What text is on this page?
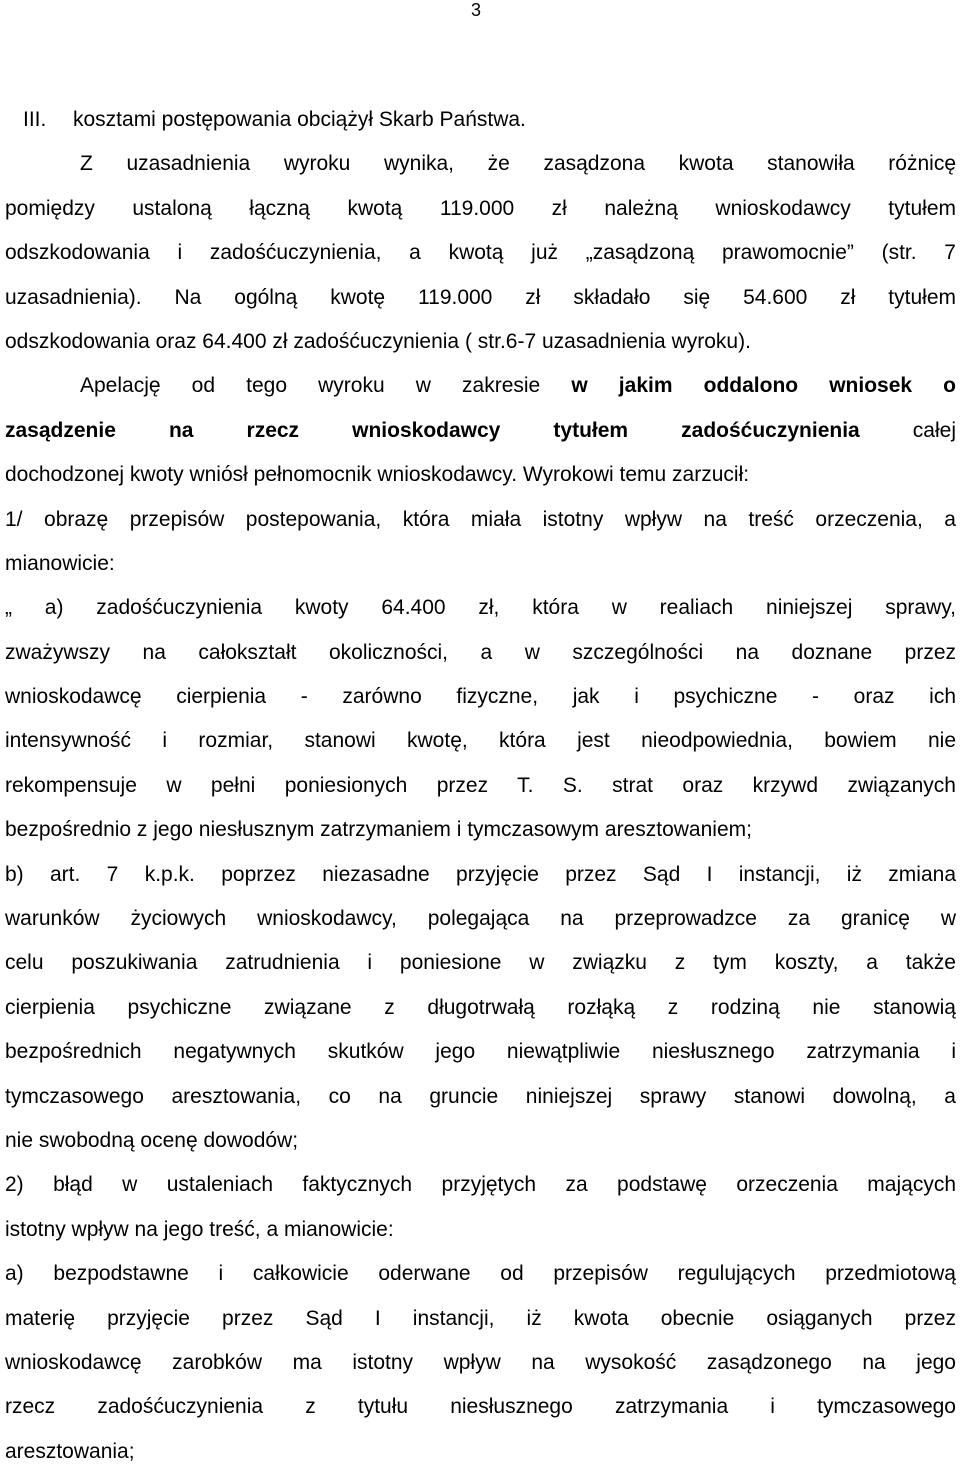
3
III. kosztami postępowania obciążył Skarb Państwa.
Z uzasadnienia wyroku wynika, że zasądzona kwota stanowiła różnicę
pomiędzy ustaloną łączną kwotą 119.000 zł należną wnioskodawcy tytułem
odszkodowania i zadośćuczynienia, a kwotą już „zasądzoną prawomocnie” (str. 7
uzasadnienia). Na ogólną kwotę 119.000 zł składało się 54.600 zł tytułem
odszkodowania oraz 64.400 zł zadośćuczynienia ( str.6-7 uzasadnienia wyroku).
Apelację od tego wyroku w zakresie w jakim oddalono wniosek o
zasądzenie na rzecz wnioskodawcy tytułem zadośćuczynienia	całej
dochodzonej kwoty wniósł pełnomocnik wnioskodawcy. Wyrokowi temu zarzucił:
1/ obrazę przepisów postepowania, która miała istotny wpływ na treść orzeczenia, a
mianowicie:
„ a) zadośćuczynienia kwoty 64.400 zł, która w realiach niniejszej sprawy,
zważywszy na całokształt okoliczności, a w szczególności na doznane przez
wnioskodawcę cierpienia - zarówno fizyczne, jak i psychiczne - oraz ich
intensywność i rozmiar, stanowi kwotę, która jest nieodpowiednia, bowiem nie
rekompensuje w pełni poniesionych przez T. S. strat oraz krzywd związanych
bezpośrednio z jego niesłusznym zatrzymaniem i tymczasowym aresztowaniem;
b) art. 7 k.p.k. poprzez niezasadne przyjęcie przez Sąd I instancji, iż zmiana
warunków życiowych wnioskodawcy, polegająca na przeprowadzce za granicę w
celu poszukiwania zatrudnienia i poniesione w związku z tym koszty, a także
cierpienia psychiczne związane z długotrwałą rozłąką z rodziną nie stanowią
bezpośrednich negatywnych skutków jego niewątpliwie niesłusznego zatrzymania i
tymczasowego aresztowania, co na gruncie niniejszej sprawy stanowi dowolną, a
nie swobodną ocenę dowodów;
2) błąd w ustaleniach faktycznych przyjętych za podstawę orzeczenia mających
istotny wpływ na jego treść, a mianowicie:
a) bezpodstawne i całkowicie oderwane od przepisów regulujących przedmiotową
materię przyjęcie przez Sąd I instancji, iż kwota obecnie osiąganych przez
wnioskodawcę zarobków ma istotny wpływ na wysokość zasądzonego na jego
rzecz zadośćuczynienia z tytułu niesłusznego zatrzymania i tymczasowego
aresztowania;
